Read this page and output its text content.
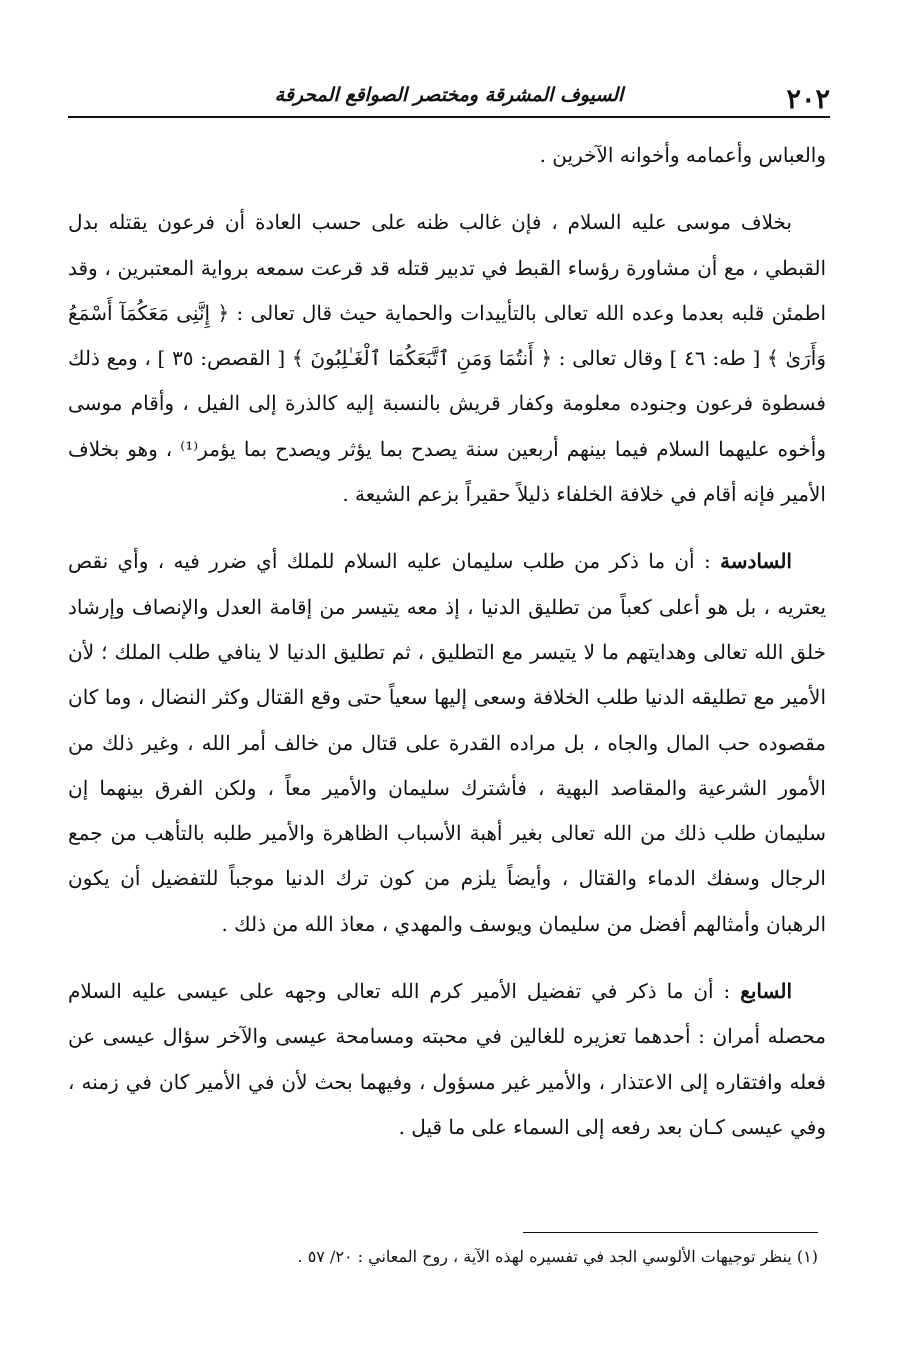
٢٠٢
السيوف المشرقة ومختصر الصواقع المحرقة

والعباس وأعمامه وأخوانه الآخرين .

بخلاف موسى عليه السلام ، فإن غالب ظنه على حسب العادة أن فرعون يقتله بدل القبطي ، مع أن مشاورة رؤساء القبط في تدبير قتله قد قرعت سمعه برواية المعتبرين ، وقد اطمئن قلبه بعدما وعده الله تعالى بالتأييدات والحماية حيث قال تعالى : ﴿ إِنَّنِى مَعَكُمَآ أَسْمَعُ وَأَرَىٰ ﴾ [ طه: ٤٦ ] وقال تعالى : ﴿ أَنتُمَا وَمَنِ ٱتَّبَعَكُمَا ٱلْغَـٰلِبُونَ ﴾ [ القصص: ٣٥ ] ، ومع ذلك فسطوة فرعون وجنوده معلومة وكفار قريش بالنسبة إليه كالذرة إلى الفيل ، وأقام موسى وأخوه عليهما السلام فيما بينهم أربعين سنة يصدح بما يؤثر ويصدح بما يؤمر⁽¹⁾ ، وهو بخلاف الأمير فإنه أقام في خلافة الخلفاء ذليلاً حقيراً بزعم الشيعة .

السادسة : أن ما ذكر من طلب سليمان عليه السلام للملك أي ضرر فيه ، وأي نقص يعتريه ، بل هو أعلى كعباً من تطليق الدنيا ، إذ معه يتيسر من إقامة العدل والإنصاف وإرشاد خلق الله تعالى وهدايتهم ما لا يتيسر مع التطليق ، ثم تطليق الدنيا لا ينافي طلب الملك ؛ لأن الأمير مع تطليقه الدنيا طلب الخلافة وسعى إليها سعياً حتى وقع القتال وكثر النضال ، وما كان مقصوده حب المال والجاه ، بل مراده القدرة على قتال من خالف أمر الله ، وغير ذلك من الأمور الشرعية والمقاصد البهية ، فأشترك سليمان والأمير معاً ، ولكن الفرق بينهما إن سليمان طلب ذلك من الله تعالى بغير أهبة الأسباب الظاهرة والأمير طلبه بالتأهب من جمع الرجال وسفك الدماء والقتال ، وأيضاً يلزم من كون ترك الدنيا موجباً للتفضيل أن يكون الرهبان وأمثالهم أفضل من سليمان ويوسف والمهدي ، معاذ الله من ذلك .

السابع : أن ما ذكر في تفضيل الأمير كرم الله تعالى وجهه على عيسى عليه السلام محصله أمران : أحدهما تعزيره للغالين في محبته ومسامحة عيسى والآخر سؤال عيسى عن فعله وافتقاره إلى الاعتذار ، والأمير غير مسؤول ، وفيهما بحث لأن في الأمير كان في زمنه ، وفي عيسى كـان بعد رفعه إلى السماء على ما قيل .

(١) ينظر توجيهات الألوسي الجد في تفسيره لهذه الآية ، روح المعاني : ٢٠/ ٥٧ .
